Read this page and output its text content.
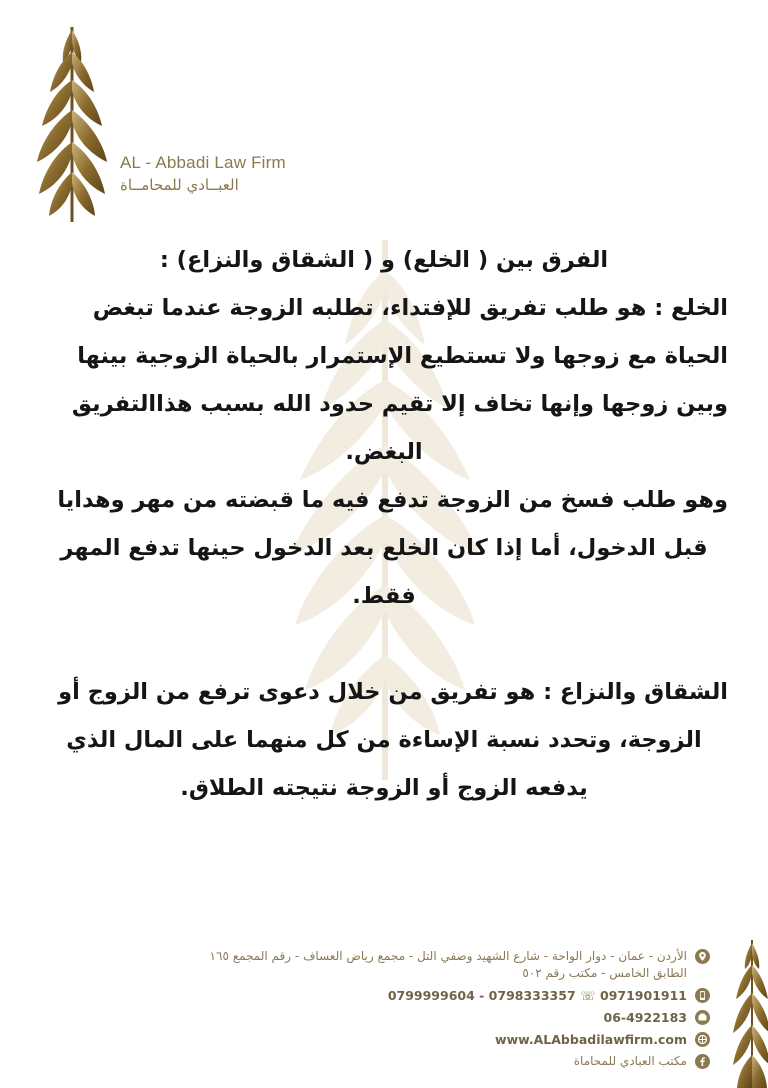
AL - Abbadi Law Firm
العبــادي للمحامــاة

الفرق بين ( الخلع) و ( الشقاق والنزاع) :

الخلع : هو طلب تفريق للإفتداء، تطلبه الزوجة عندما تبغض

الحياة مع زوجها ولا تستطيع الإستمرار بالحياة الزوجية بينها

وبين زوجها وإنها تخاف إلا تقيم حدود الله بسبب هذاالتفريق

البغض.

وهو طلب فسخ من الزوجة تدفع فيه ما قبضته من مهر وهدايا

قبل الدخول، أما إذا كان الخلع بعد الدخول حينها تدفع المهر

فقط.

الشقاق والنزاع : هو تفريق من خلال دعوى ترفع من الزوج أو

الزوجة، وتحدد نسبة الإساءة من كل منهما على المال الذي

يدفعه الزوج أو الزوجة نتيجته الطلاق.

الأردن - عمان - دوار الواحة - شارع الشهيد وصفي التل - مجمع رياض العساف - رقم المجمع ١٦٥
الطابق الخامس - مكتب رقم ٥٠٢
0799999604 - 0798333357 ☏ 0971901911
06-4922183
www.ALAbbadilawfirm.com
مكتب العبادي للمحاماة
